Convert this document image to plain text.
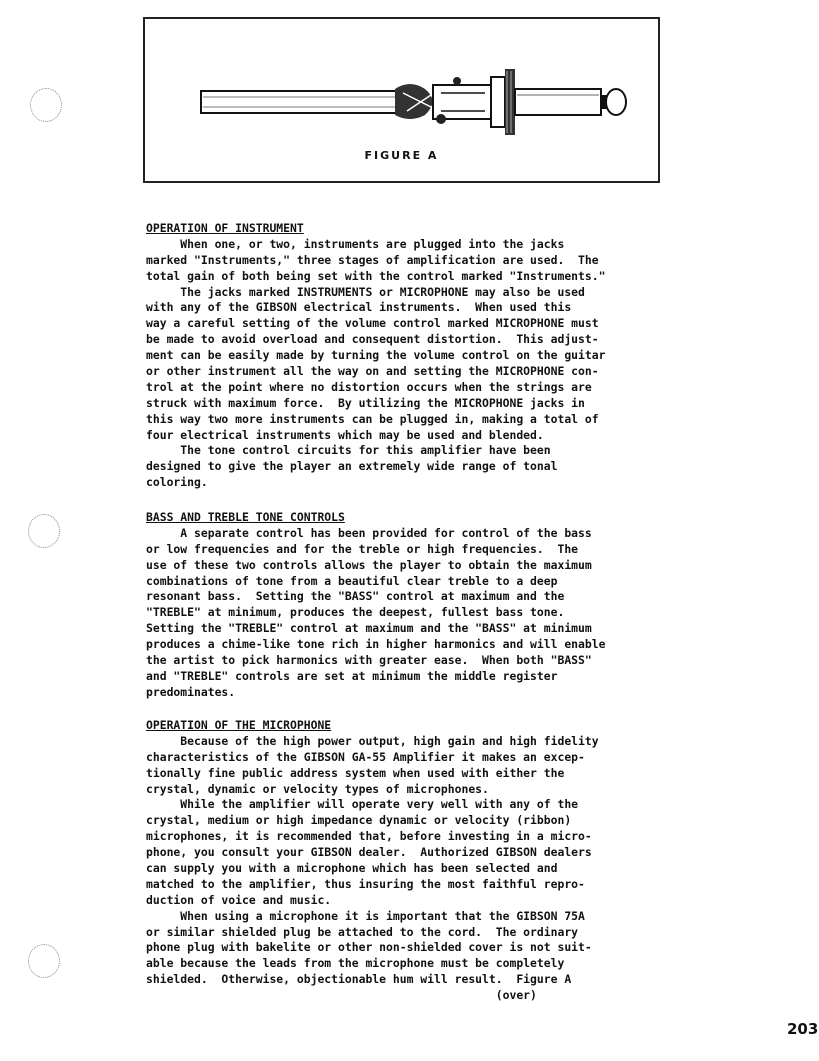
FIGURE A
OPERATION OF INSTRUMENT
When one, or two, instruments are plugged into the jacks
marked "Instruments," three stages of amplification are used.  The
total gain of both being set with the control marked "Instruments."
The jacks marked INSTRUMENTS or MICROPHONE may also be used
with any of the GIBSON electrical instruments.  When used this
way a careful setting of the volume control marked MICROPHONE must
be made to avoid overload and consequent distortion.  This adjust-
ment can be easily made by turning the volume control on the guitar
or other instrument all the way on and setting the MICROPHONE con-
trol at the point where no distortion occurs when the strings are
struck with maximum force.  By utilizing the MICROPHONE jacks in
this way two more instruments can be plugged in, making a total of
four electrical instruments which may be used and blended.
The tone control circuits for this amplifier have been
designed to give the player an extremely wide range of tonal
coloring.
BASS AND TREBLE TONE CONTROLS
A separate control has been provided for control of the bass
or low frequencies and for the treble or high frequencies.  The
use of these two controls allows the player to obtain the maximum
combinations of tone from a beautiful clear treble to a deep
resonant bass.  Setting the "BASS" control at maximum and the
"TREBLE" at minimum, produces the deepest, fullest bass tone.
Setting the "TREBLE" control at maximum and the "BASS" at minimum
produces a chime-like tone rich in higher harmonics and will enable
the artist to pick harmonics with greater ease.  When both "BASS"
and "TREBLE" controls are set at minimum the middle register
predominates.
OPERATION OF THE MICROPHONE
Because of the high power output, high gain and high fidelity
characteristics of the GIBSON GA-55 Amplifier it makes an excep-
tionally fine public address system when used with either the
crystal, dynamic or velocity types of microphones.
While the amplifier will operate very well with any of the
crystal, medium or high impedance dynamic or velocity (ribbon)
microphones, it is recommended that, before investing in a micro-
phone, you consult your GIBSON dealer.  Authorized GIBSON dealers
can supply you with a microphone which has been selected and
matched to the amplifier, thus insuring the most faithful repro-
duction of voice and music.
When using a microphone it is important that the GIBSON 75A
or similar shielded plug be attached to the cord.  The ordinary
phone plug with bakelite or other non-shielded cover is not suit-
able because the leads from the microphone must be completely
shielded.  Otherwise, objectionable hum will result.  Figure A
(over)
203
